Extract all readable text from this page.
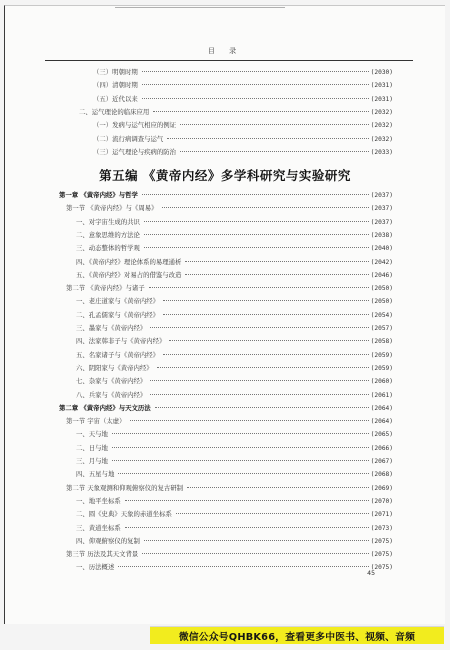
目 录
（三）明朝时期	(2030)
（四）清朝时期	(2031)
（五）近代以来	(2031)
二、运气理论的临床应用	(2032)
（一）发病与运气相应的例证	(2032)
（二）流行病调查与运气	(2032)
（三）运气理论与疾病的防治	(2033)
第五编 《黄帝内经》多学科研究与实验研究
第一章 《黄帝内经》与哲学	(2037)
第一节 《黄帝内经》与《周易》	(2037)
一、对宇宙生成的共识	(2037)
二、意象思维的方法论	(2038)
三、动态整体的哲学观	(2040)
四、《黄帝内经》理论体系的易理通析	(2042)
五、《黄帝内经》对易占的借鉴与改造	(2046)
第二节 《黄帝内经》与诸子	(2050)
一、老庄道家与《黄帝内经》	(2050)
二、孔孟儒家与《黄帝内经》	(2054)
三、墨家与《黄帝内经》	(2057)
四、法家韩非子与《黄帝内经》	(2058)
五、名家诸子与《黄帝内经》	(2059)
六、阴阳家与《黄帝内经》	(2059)
七、杂家与《黄帝内经》	(2060)
八、兵家与《黄帝内经》	(2061)
第二章 《黄帝内经》与天文历法	(2064)
第一节 宇宙（太虚）	(2064)
一、天与地	(2065)
二、日与地	(2066)
三、月与地	(2067)
四、五星与地	(2068)
第二节 天象观测和仰观俯察仪的复古研制	(2069)
一、地平坐标系	(2070)
二、圆《史典》天象的赤道坐标系	(2071)
三、黄道坐标系	(2073)
四、仰观俯察仪的复制	(2075)
第三节 历法及其天文背景	(2075)
一、历法概述	(2075)
45
微信公众号QHBK66，查看更多中医书、视频、音频
